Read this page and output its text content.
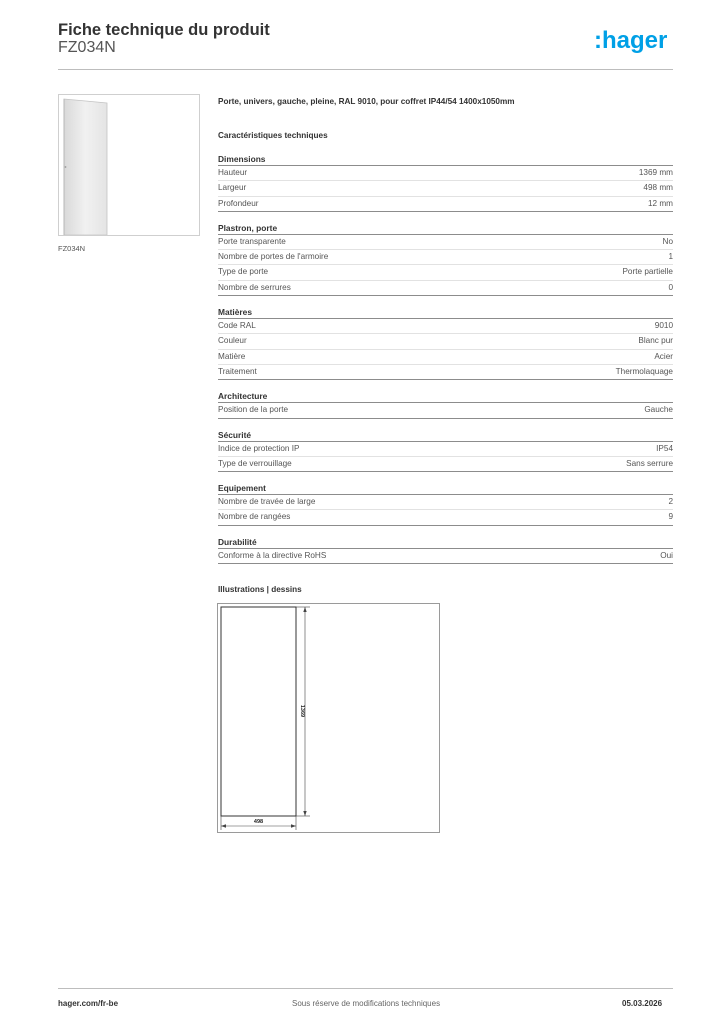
Fiche technique du produit
FZ034N	:hager
FZ034N
Porte, univers, gauche, pleine, RAL 9010, pour coffret IP44/54 1400x1050mm
Caractéristiques techniques
Dimensions
Hauteur	1369 mm
Largeur	498 mm
Profondeur	12 mm
Plastron, porte
Porte transparente	No
Nombre de portes de l'armoire	1
Type de porte	Porte partielle
Nombre de serrures	0
Matières
Code RAL	9010
Couleur	Blanc pur
Matière	Acier
Traitement	Thermolaquage
Architecture
Position de la porte	Gauche
Sécurité
Indice de protection IP	IP54
Type de verrouillage	Sans serrure
Equipement
Nombre de travée de large	2
Nombre de rangées	9
Durabilité
Conforme à la directive RoHS	Oui
Illustrations | dessins
1369
498
hager.com/fr-be	Sous réserve de modifications techniques	05.03.2026
